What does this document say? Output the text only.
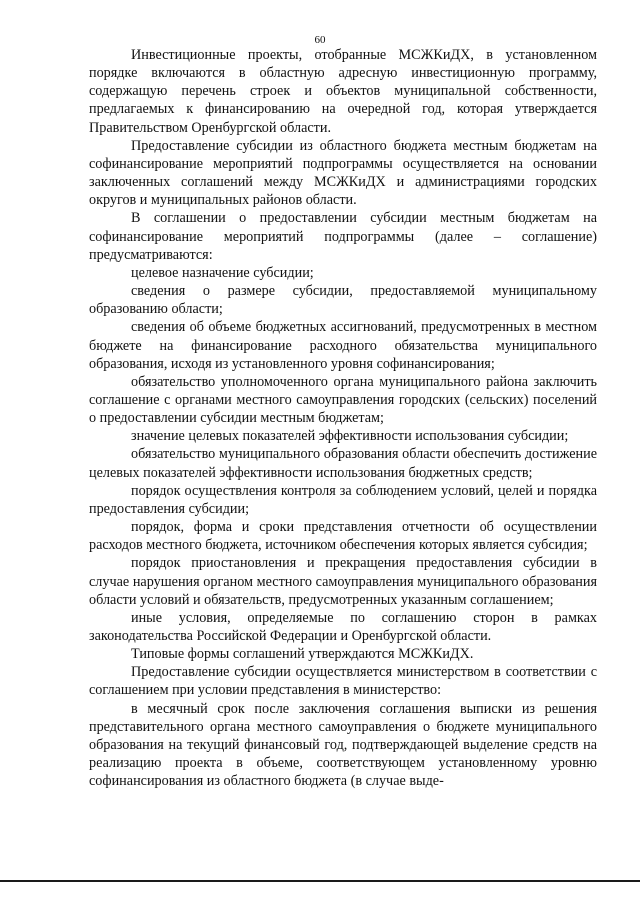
60

Инвестиционные проекты, отобранные МСЖКиДХ, в установленном порядке включаются в областную адресную инвестиционную программу, содержащую перечень строек и объектов муниципальной собственности, предлагаемых к финансированию на очередной год, которая утверждается Правительством Оренбургской области.

Предоставление субсидии из областного бюджета местным бюджетам на софинансирование мероприятий подпрограммы осуществляется на основании заключенных соглашений между МСЖКиДХ и администрациями городских округов и муниципальных районов области.

В соглашении о предоставлении субсидии местным бюджетам на софинансирование мероприятий подпрограммы (далее – соглашение) предусматриваются:

целевое назначение субсидии;

сведения о размере субсидии, предоставляемой муниципальному образованию области;

сведения об объеме бюджетных ассигнований, предусмотренных в местном бюджете на финансирование расходного обязательства муниципального образования, исходя из установленного уровня софинансирования;

обязательство уполномоченного органа муниципального района заключить соглашение с органами местного самоуправления городских (сельских) поселений о предоставлении субсидии местным бюджетам;

значение целевых показателей эффективности использования субсидии;

обязательство муниципального образования области обеспечить достижение целевых показателей эффективности использования бюджетных средств;

порядок осуществления контроля за соблюдением условий, целей и порядка предоставления субсидии;

порядок, форма и сроки представления отчетности об осуществлении расходов местного бюджета, источником обеспечения которых является субсидия;

порядок приостановления и прекращения предоставления субсидии в случае нарушения органом местного самоуправления муниципального образования области условий и обязательств, предусмотренных указанным соглашением;

иные условия, определяемые по соглашению сторон в рамках законодательства Российской Федерации и Оренбургской области.

Типовые формы соглашений утверждаются МСЖКиДХ.

Предоставление субсидии осуществляется министерством в соответствии с соглашением при условии представления в министерство:

в месячный срок после заключения соглашения выписки из решения представительного органа местного самоуправления о бюджете муниципального образования на текущий финансовый год, подтверждающей выделение средств на реализацию проекта в объеме, соответствующем установленному уровню софинансирования из областного бюджета (в случае выде-
